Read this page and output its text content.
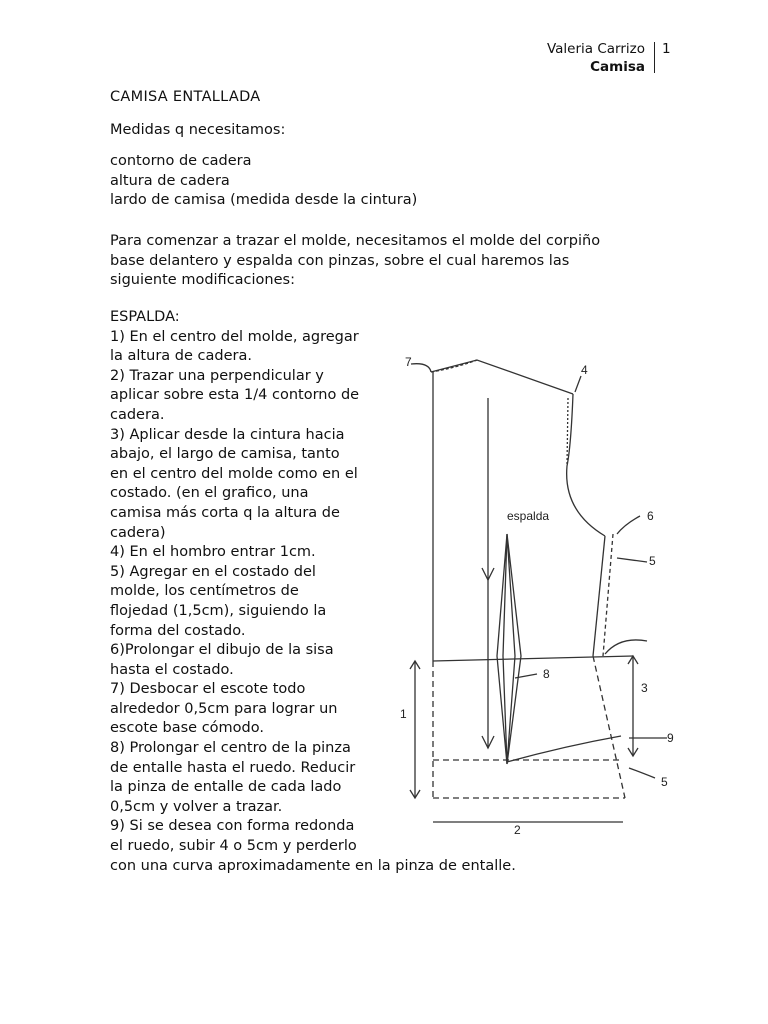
Valeria Carrizo
Camisa
1
CAMISA ENTALLADA
Medidas q necesitamos:
contorno de cadera
altura de cadera
lardo de camisa (medida desde la cintura)
Para comenzar a trazar el molde, necesitamos el molde del corpiño
base delantero y espalda con pinzas, sobre el cual haremos las
siguiente modificaciones:
ESPALDA:
1) En el centro del molde, agregar
la altura de cadera.
2) Trazar una perpendicular y
aplicar sobre esta 1/4 contorno de
cadera.
3) Aplicar desde la cintura hacia
abajo, el largo de camisa, tanto
en el centro del molde como en el
costado. (en el grafico, una
camisa más corta q la altura de
cadera)
4) En el hombro entrar 1cm.
5) Agregar en el costado del
molde, los centímetros de
flojedad (1,5cm), siguiendo la
forma del costado.
6)Prolongar el dibujo de la sisa
hasta el costado.
7) Desbocar el escote todo
alrededor 0,5cm para lograr un
escote base cómodo.
8) Prolongar el centro de la pinza
de entalle hasta el ruedo. Reducir
la pinza de entalle de cada lado
0,5cm y volver a trazar.
9) Si se desea con forma redonda
el ruedo, subir 4 o 5cm y perderlo
con una curva aproximadamente en la pinza de entalle.
7
4
6
5
8
3
1
9
5
2
espalda
